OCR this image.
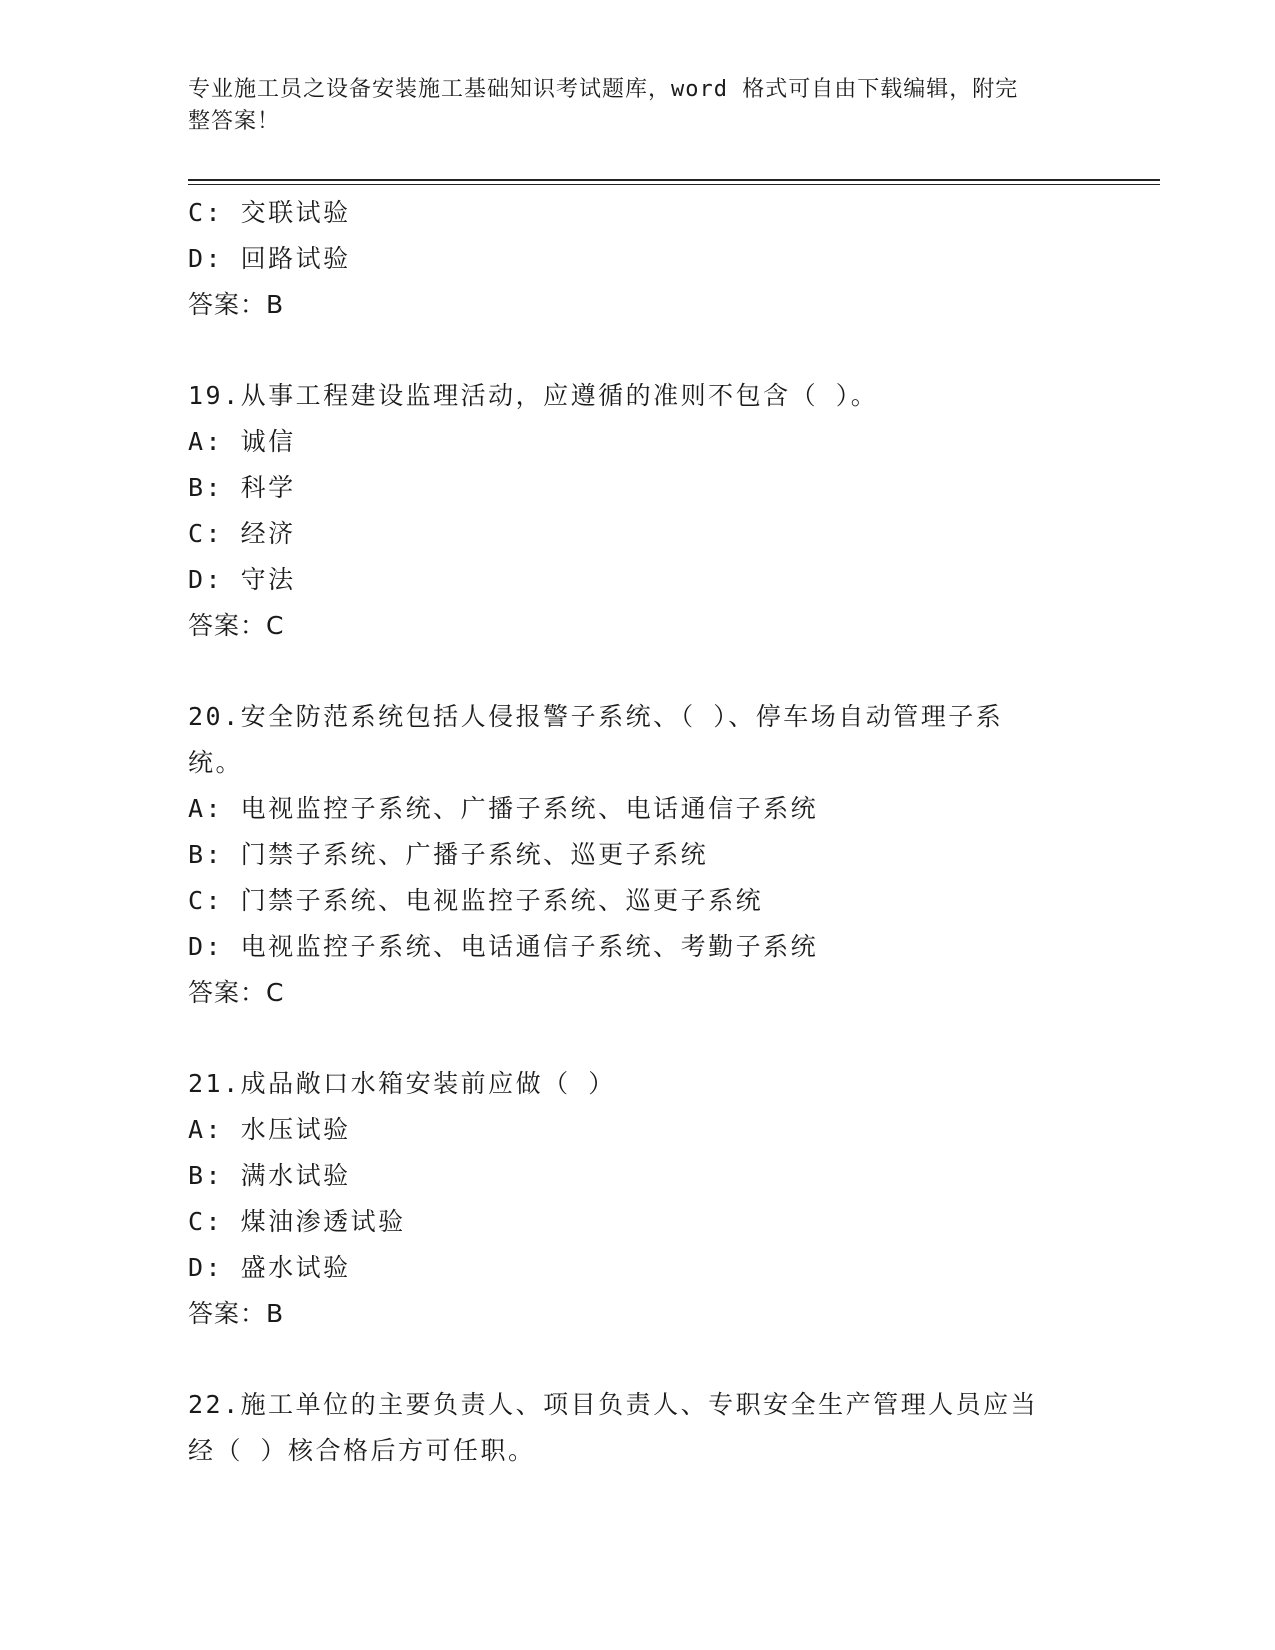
专业施工员之设备安装施工基础知识考试题库，word 格式可自由下载编辑，附完
整答案！
C: 交联试验
D: 回路试验
答案：B
19.从事工程建设监理活动，应遵循的准则不包含（ ）。
A: 诚信
B: 科学
C: 经济
D: 守法
答案：C
20.安全防范系统包括人侵报警子系统、（ ）、停车场自动管理子系
统。
A: 电视监控子系统、广播子系统、电话通信子系统
B: 门禁子系统、广播子系统、巡更子系统
C: 门禁子系统、电视监控子系统、巡更子系统
D: 电视监控子系统、电话通信子系统、考勤子系统
答案：C
21.成品敞口水箱安装前应做（ ）
A: 水压试验
B: 满水试验
C: 煤油渗透试验
D: 盛水试验
答案：B
22.施工单位的主要负责人、项目负责人、专职安全生产管理人员应当
经（ ）核合格后方可任职。
